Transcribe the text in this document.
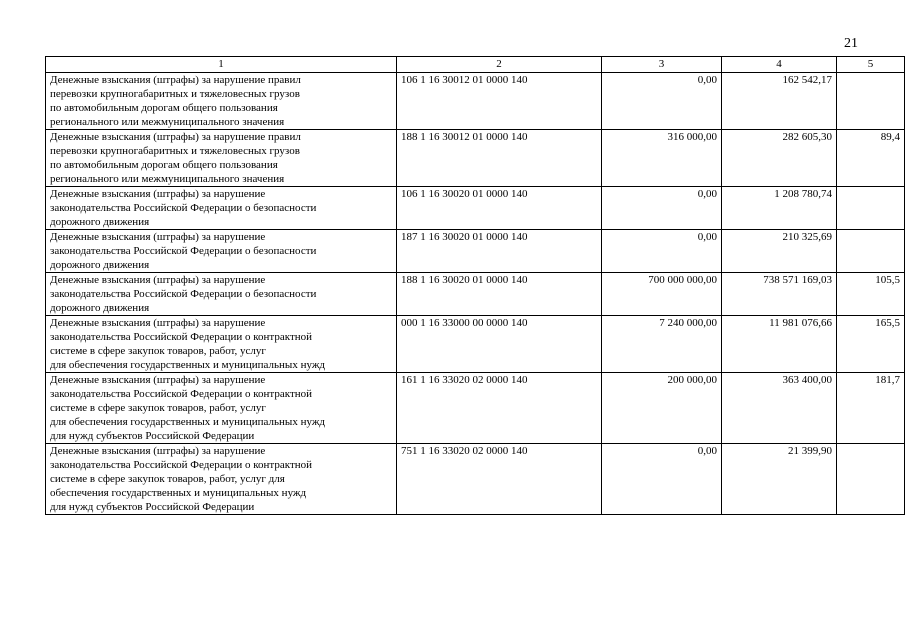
21
1	2	3	4	5
Денежные взыскания (штрафы) за нарушение правил
перевозки крупногабаритных и тяжеловесных грузов
по автомобильным дорогам общего пользования
регионального или межмуниципального значения	106 1 16 30012 01 0000 140	0,00	162 542,17	
Денежные взыскания (штрафы) за нарушение правил
перевозки крупногабаритных и тяжеловесных грузов
по автомобильным дорогам общего пользования
регионального или межмуниципального значения	188 1 16 30012 01 0000 140	316 000,00	282 605,30	89,4
Денежные взыскания (штрафы) за нарушение
законодательства Российской Федерации о безопасности
дорожного движения	106 1 16 30020 01 0000 140	0,00	1 208 780,74	
Денежные взыскания (штрафы) за нарушение
законодательства Российской Федерации о безопасности
дорожного движения	187 1 16 30020 01 0000 140	0,00	210 325,69	
Денежные взыскания (штрафы) за нарушение
законодательства Российской Федерации о безопасности
дорожного движения	188 1 16 30020 01 0000 140	700 000 000,00	738 571 169,03	105,5
Денежные взыскания (штрафы) за нарушение
законодательства Российской Федерации о контрактной
системе в сфере закупок товаров, работ, услуг
для обеспечения государственных и муниципальных нужд	000 1 16 33000 00 0000 140	7 240 000,00	11 981 076,66	165,5
Денежные взыскания (штрафы) за нарушение
законодательства Российской Федерации о контрактной
системе в сфере закупок товаров, работ, услуг
для обеспечения государственных и муниципальных нужд
для нужд субъектов Российской Федерации	161 1 16 33020 02 0000 140	200 000,00	363 400,00	181,7
Денежные взыскания (штрафы) за нарушение
законодательства Российской Федерации о контрактной
системе в сфере закупок товаров, работ, услуг для
обеспечения государственных и муниципальных нужд
для нужд субъектов Российской Федерации	751 1 16 33020 02 0000 140	0,00	21 399,90	
